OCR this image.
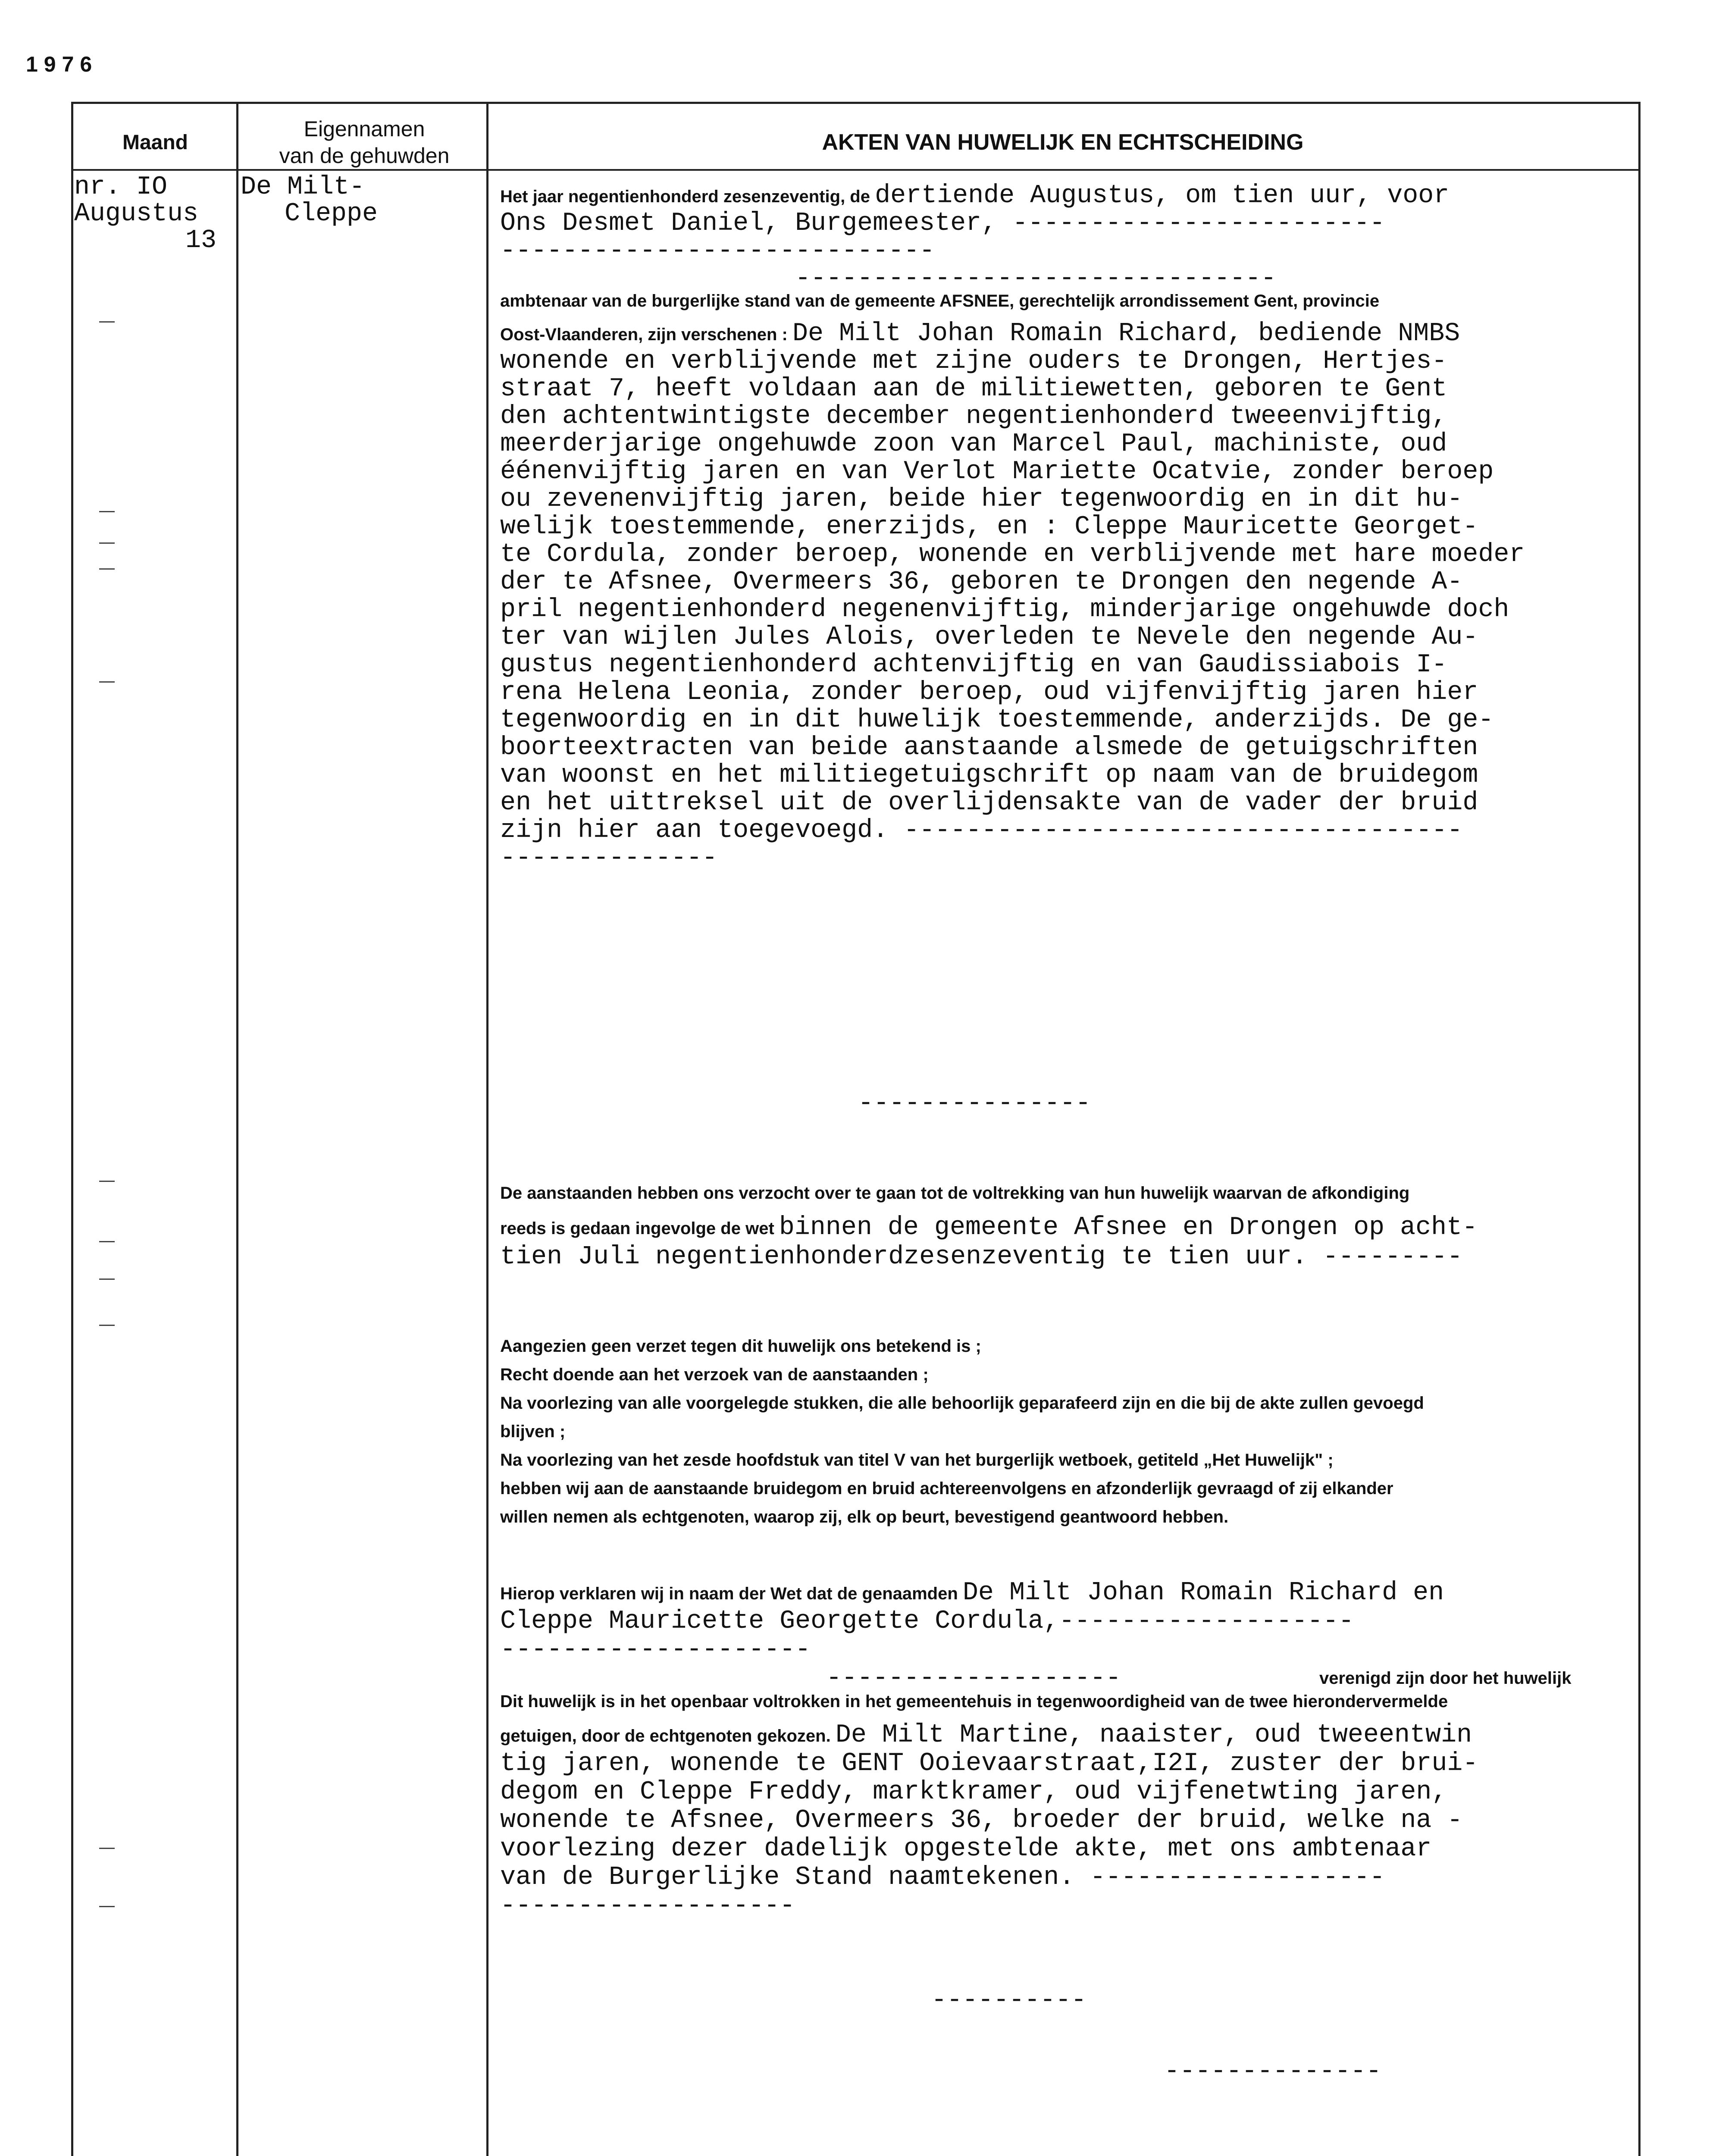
1976
Maand
Eigennamen
van de gehuwden
AKTEN VAN HUWELIJK EN ECHTSCHEIDING
nr. IO
Augustus
13
De Milt-
Cleppe
Het jaar negentienhonderd zesenzeventig, de dertiende Augustus, om tien uur, voor
Ons Desmet Daniel, Burgemeester, ------------------------
----------------------------
-------------------------------
ambtenaar van de burgerlijke stand van de gemeente AFSNEE, gerechtelijk arrondissement Gent, provincie
Oost-Vlaanderen, zijn verschenen : De Milt Johan Romain Richard, bediende NMBS
wonende en verblijvende met zijne ouders te Drongen, Hertjes-
straat 7, heeft voldaan aan de militiewetten, geboren te Gent
den achtentwintigste december negentienhonderd tweeenvijftig,
meerderjarige ongehuwde zoon van Marcel Paul, machiniste, oud
éénenvijftig jaren en van Verlot Mariette Ocatvie, zonder beroep
ou zevenenvijftig jaren, beide hier tegenwoordig en in dit hu-
welijk toestemmende, enerzijds, en : Cleppe Mauricette Georget-
te Cordula, zonder beroep, wonende en verblijvende met hare moeder
der te Afsnee, Overmeers 36, geboren te Drongen den negende A-
pril negentienhonderd negenenvijftig, minderjarige ongehuwde doch
ter van wijlen Jules Alois, overleden te Nevele den negende Au-
gustus negentienhonderd achtenvijftig en van Gaudissiabois I-
rena Helena Leonia, zonder beroep, oud vijfenvijftig jaren hier
tegenwoordig en in dit huwelijk toestemmende, anderzijds. De ge-
boorteextracten van beide aanstaande alsmede de getuigschriften
van woonst en het militiegetuigschrift op naam van de bruidegom
en het uittreksel uit de overlijdensakte van de vader der bruid
zijn hier aan toegevoegd. ------------------------------------
--------------
---------------
De aanstaanden hebben ons verzocht over te gaan tot de voltrekking van hun huwelijk waarvan de afkondiging
reeds is gedaan ingevolge de wet binnen de gemeente Afsnee en Drongen op acht-
tien Juli negentienhonderdzesenzeventig te tien uur. ---------
Aangezien geen verzet tegen dit huwelijk ons betekend is ;
Recht doende aan het verzoek van de aanstaanden ;
Na voorlezing van alle voorgelegde stukken, die alle behoorlijk geparafeerd zijn en die bij de akte zullen gevoegd
blijven ;
Na voorlezing van het zesde hoofdstuk van titel V van het burgerlijk wetboek, getiteld „Het Huwelijk" ;
hebben wij aan de aanstaande bruidegom en bruid achtereenvolgens en afzonderlijk gevraagd of zij elkander
willen nemen als echtgenoten, waarop zij, elk op beurt, bevestigend geantwoord hebben.
Hierop verklaren wij in naam der Wet dat de genaamden De Milt Johan Romain Richard en
Cleppe Mauricette Georgette Cordula,-------------------
--------------------
-------------------
Dit huwelijk is in het openbaar voltrokken in het gemeentehuis in tegenwoordigheid van de twee hierondervermelde
getuigen, door de echtgenoten gekozen. De Milt Martine, naaister, oud tweeentwin
tig jaren, wonende te GENT Ooievaarstraat,I2I, zuster der brui-
degom en Cleppe Freddy, marktkramer, oud vijfenetwting jaren,
wonende te Afsnee, Overmeers 36, broeder der bruid, welke na -
voorlezing dezer dadelijk opgestelde akte, met ons ambtenaar
van de Burgerlijke Stand naamtekenen. -------------------
-------------------
verenigd zijn door het huwelijk
----------
--------------
